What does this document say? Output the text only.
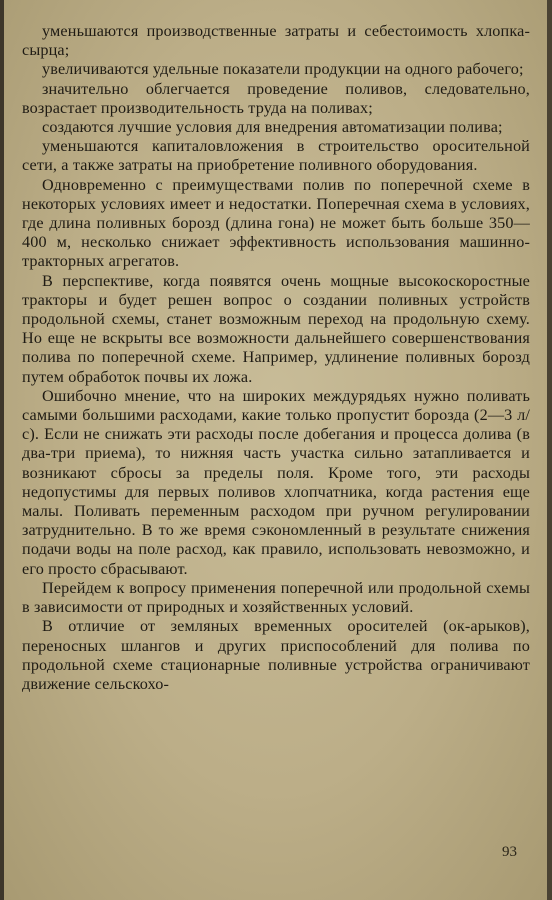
уменьшаются производственные затраты и себестоимость хлопка-сырца;

увеличиваются удельные показатели продукции на одного рабочего;

значительно облегчается проведение поливов, следовательно, возрастает производительность труда на поливах;

создаются лучшие условия для внедрения автоматизации полива;

уменьшаются капиталовложения в строительство оросительной сети, а также затраты на приобретение поливного оборудования.

Одновременно с преимуществами полив по поперечной схеме в некоторых условиях имеет и недостатки. Поперечная схема в условиях, где длина поливных борозд (длина гона) не может быть больше 350—400 м, несколько снижает эффективность использования машинно-тракторных агрегатов.

В перспективе, когда появятся очень мощные высокоскоростные тракторы и будет решен вопрос о создании поливных устройств продольной схемы, станет возможным переход на продольную схему. Но еще не вскрыты все возможности дальнейшего совершенствования полива по поперечной схеме. Например, удлинение поливных борозд путем обработок почвы их ложа.

Ошибочно мнение, что на широких междурядьях нужно поливать самыми большими расходами, какие только пропустит борозда (2—3 л/с). Если не снижать эти расходы после добегания и процесса долива (в два-три приема), то нижняя часть участка сильно затапливается и возникают сбросы за пределы поля. Кроме того, эти расходы недопустимы для первых поливов хлопчатника, когда растения еще малы. Поливать переменным расходом при ручном регулировании затруднительно. В то же время сэкономленный в результате снижения подачи воды на поле расход, как правило, использовать невозможно, и его просто сбрасывают.

Перейдем к вопросу применения поперечной или продольной схемы в зависимости от природных и хозяйственных условий.

В отличие от земляных временных оросителей (ок-арыков), переносных шлангов и других приспособлений для полива по продольной схеме стационарные поливные устройства ограничивают движение сельскохо-

93
